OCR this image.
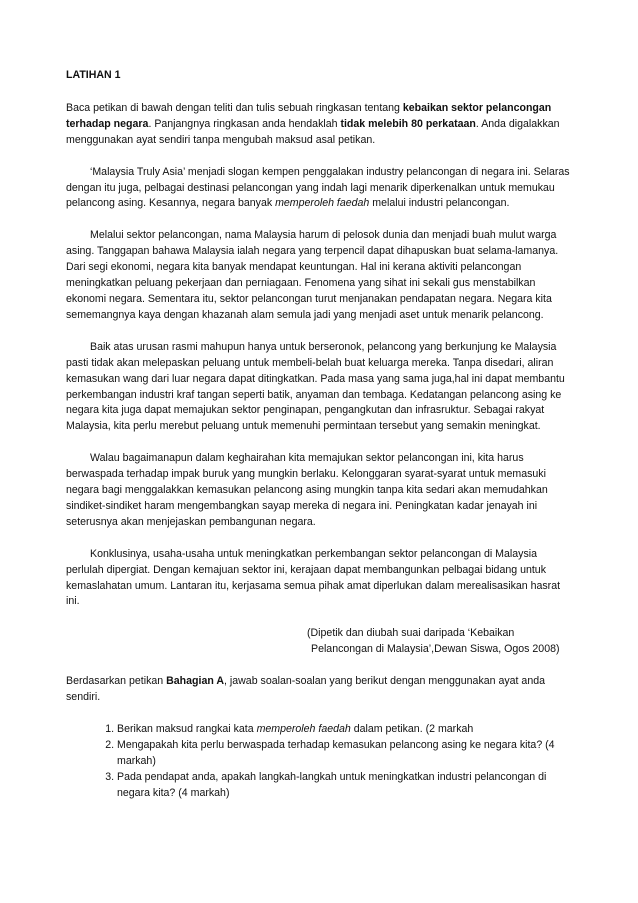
LATIHAN 1

Baca petikan di bawah dengan teliti dan tulis sebuah ringkasan tentang kebaikan sektor pelancongan terhadap negara. Panjangnya ringkasan anda hendaklah tidak melebih 80 perkataan. Anda digalakkan menggunakan ayat sendiri tanpa mengubah maksud asal petikan.

‘Malaysia Truly Asia’ menjadi slogan kempen penggalakan industry pelancongan di negara ini. Selaras dengan itu juga, pelbagai destinasi pelancongan yang indah lagi menarik diperkenalkan untuk memukau pelancong asing. Kesannya, negara banyak memperoleh faedah melalui industri pelancongan.

Melalui sektor pelancongan, nama Malaysia harum di pelosok dunia dan menjadi buah mulut warga asing. Tanggapan bahawa Malaysia ialah negara yang terpencil dapat dihapuskan buat selama-lamanya. Dari segi ekonomi, negara kita banyak mendapat keuntungan. Hal ini kerana aktiviti pelancongan meningkatkan peluang pekerjaan dan perniagaan. Fenomena yang sihat ini sekali gus menstabilkan ekonomi negara. Sementara itu, sektor pelancongan turut menjanakan pendapatan negara. Negara kita sememangnya kaya dengan khazanah alam semula jadi yang menjadi aset untuk menarik pelancong.

Baik atas urusan rasmi mahupun hanya untuk berseronok, pelancong yang berkunjung ke Malaysia pasti tidak akan melepaskan peluang untuk membeli-belah buat keluarga mereka. Tanpa disedari, aliran kemasukan wang dari luar negara dapat ditingkatkan. Pada masa yang sama juga,hal ini dapat membantu perkembangan industri kraf tangan seperti batik, anyaman dan tembaga. Kedatangan pelancong asing ke negara kita juga dapat memajukan sektor penginapan, pengangkutan dan infrasruktur. Sebagai rakyat Malaysia, kita perlu merebut peluang untuk memenuhi permintaan tersebut yang semakin meningkat.

Walau bagaimanapun dalam keghairahan kita memajukan sektor pelancongan ini, kita harus berwaspada terhadap impak buruk yang mungkin berlaku. Kelonggaran syarat-syarat untuk memasuki negara bagi menggalakkan kemasukan pelancong asing mungkin tanpa kita sedari akan memudahkan sindiket-sindiket haram mengembangkan sayap mereka di negara ini. Peningkatan kadar jenayah ini seterusnya akan menjejaskan pembangunan negara.

Konklusinya, usaha-usaha untuk meningkatkan perkembangan sektor pelancongan di Malaysia perlulah dipergiat. Dengan kemajuan sektor ini, kerajaan dapat membangunkan pelbagai bidang untuk kemaslahatan umum. Lantaran itu, kerjasama semua pihak amat diperlukan dalam merealisasikan hasrat ini.

(Dipetik dan diubah suai daripada ‘Kebaikan
Pelancongan di Malaysia’,Dewan Siswa, Ogos 2008)

Berdasarkan petikan Bahagian A, jawab soalan-soalan yang berikut dengan menggunakan ayat anda sendiri.

1. Berikan maksud rangkai kata memperoleh faedah dalam petikan. (2 markah
2. Mengapakah kita perlu berwaspada terhadap kemasukan pelancong asing ke negara kita? (4 markah)
3. Pada pendapat anda, apakah langkah-langkah untuk meningkatkan industri pelancongan di negara kita? (4 markah)
